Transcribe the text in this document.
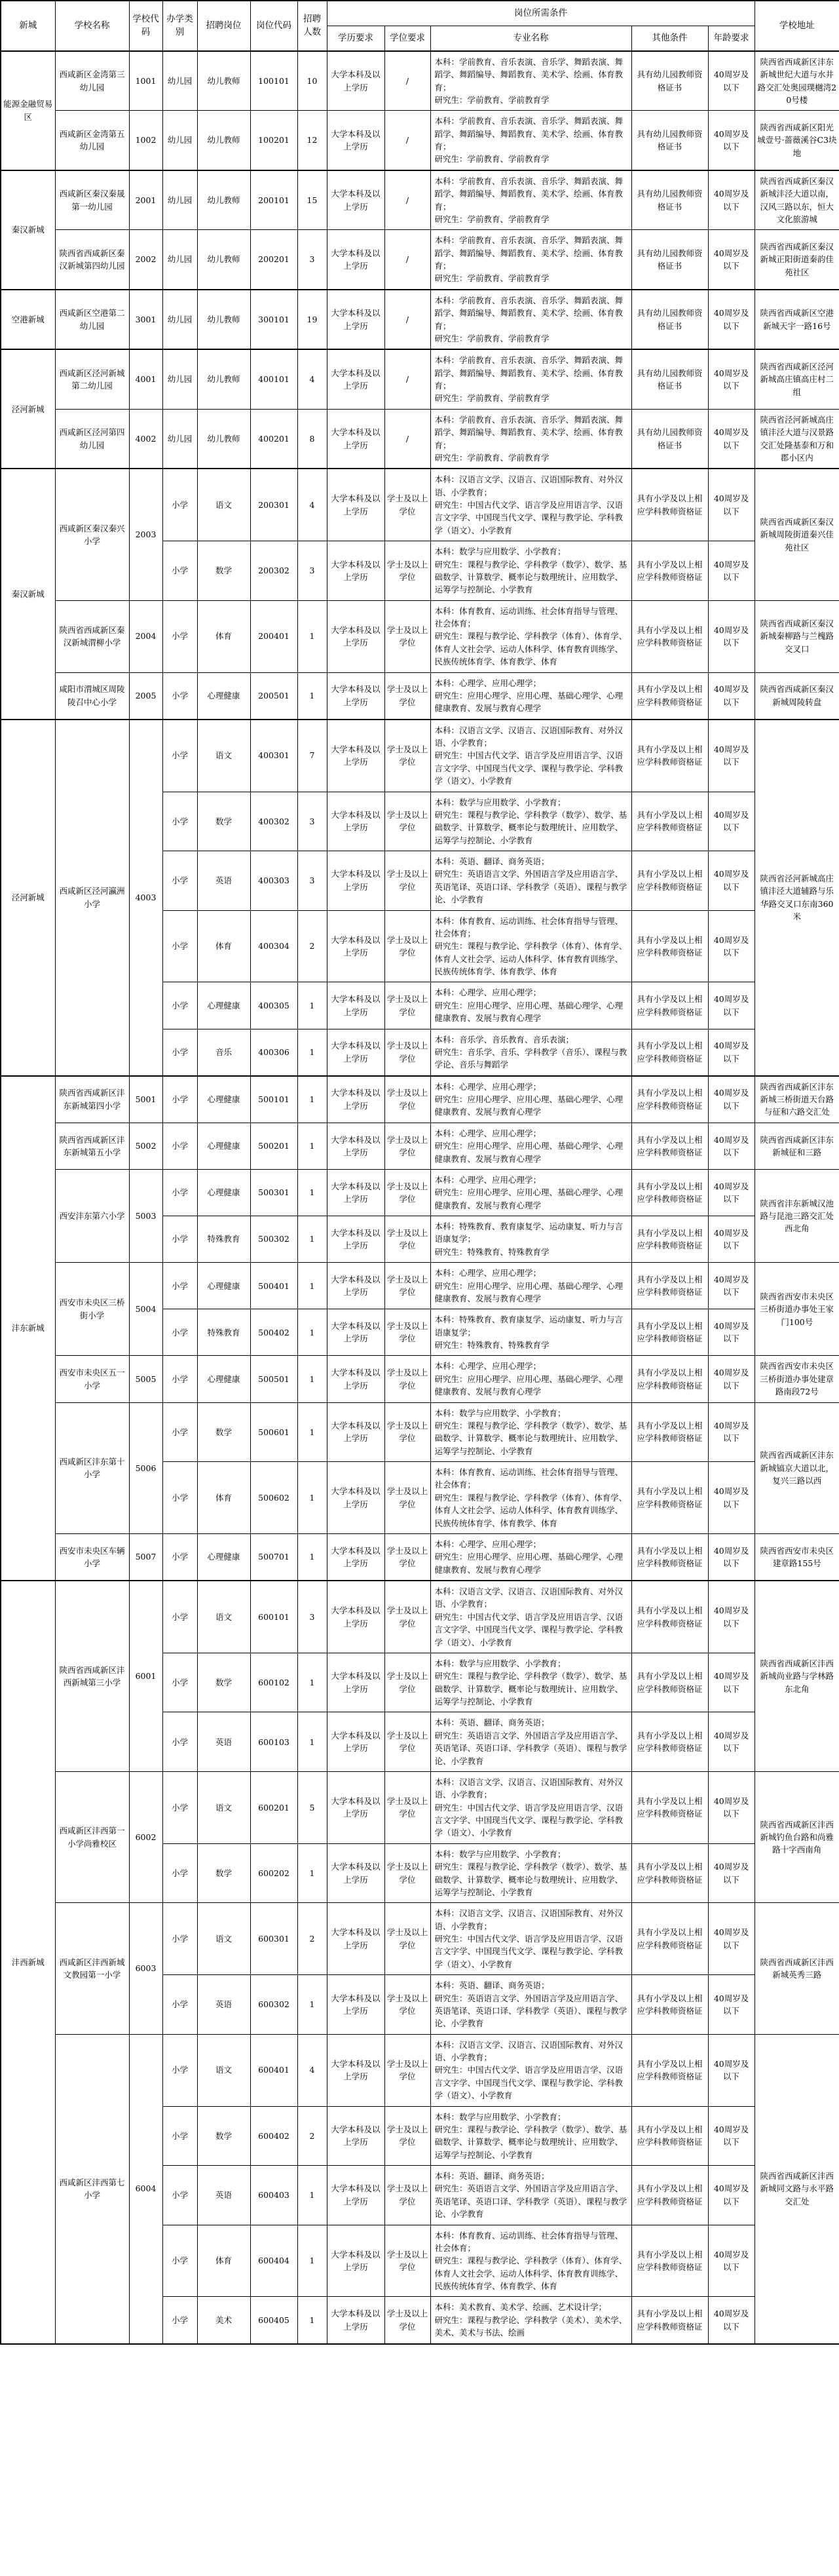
新城	学校名称	学校代码	办学类别	招聘岗位	岗位代码	招聘人数	岗位所需条件					学校地址
							学历要求	学位要求	专业名称	其他条件	年龄要求	
能源金融贸易区	西咸新区金湾第三幼儿园	1001	幼儿园	幼儿教师	100101	10	大学本科及以上学历	/	本科：学前教育、音乐表演、音乐学、舞蹈表演、舞蹈学、舞蹈编导、舞蹈教育、美术学、绘画、体育教育；
研究生：学前教育、学前教育学	具有幼儿园教师资格证书	40周岁及以下	陕西省西咸新区沣东新城世纪大道与水井路交汇处奥园璞樾湾20号楼
	西咸新区金湾第五幼儿园	1002	幼儿园	幼儿教师	100201	12	大学本科及以上学历	/	本科：学前教育、音乐表演、音乐学、舞蹈表演、舞蹈学、舞蹈编导、舞蹈教育、美术学、绘画、体育教育；
研究生：学前教育、学前教育学	具有幼儿园教师资格证书	40周岁及以下	陕西省西咸新区阳光城壹号·蔷薇溪谷C3块地
秦汉新城	西咸新区秦汉秦晟第一幼儿园	2001	幼儿园	幼儿教师	200101	15	大学本科及以上学历	/	本科：学前教育、音乐表演、音乐学、舞蹈表演、舞蹈学、舞蹈编导、舞蹈教育、美术学、绘画、体育教育；
研究生：学前教育、学前教育学	具有幼儿园教师资格证书	40周岁及以下	陕西省西咸新区秦汉新城沣泾大道以南，汉风三路以东，恒大文化旅游城
	陕西省西咸新区秦汉新城第四幼儿园	2002	幼儿园	幼儿教师	200201	3	大学本科及以上学历	/	本科：学前教育、音乐表演、音乐学、舞蹈表演、舞蹈学、舞蹈编导、舞蹈教育、美术学、绘画、体育教育；
研究生：学前教育、学前教育学	具有幼儿园教师资格证书	40周岁及以下	陕西省西咸新区秦汉新城正阳街道秦韵佳苑社区
空港新城	西咸新区空港第二幼儿园	3001	幼儿园	幼儿教师	300101	19	大学本科及以上学历	/	本科：学前教育、音乐表演、音乐学、舞蹈表演、舞蹈学、舞蹈编导、舞蹈教育、美术学、绘画、体育教育；
研究生：学前教育、学前教育学	具有幼儿园教师资格证书	40周岁及以下	陕西省西咸新区空港新城天宇一路16号
泾河新城	西咸新区泾河新城第二幼儿园	4001	幼儿园	幼儿教师	400101	4	大学本科及以上学历	/	本科：学前教育、音乐表演、音乐学、舞蹈表演、舞蹈学、舞蹈编导、舞蹈教育、美术学、绘画、体育教育；
研究生：学前教育、学前教育学	具有幼儿园教师资格证书	40周岁及以下	陕西省西咸新区泾河新城高庄镇高庄村二组
	西咸新区泾河第四幼儿园	4002	幼儿园	幼儿教师	400201	8	大学本科及以上学历	/	本科：学前教育、音乐表演、音乐学、舞蹈表演、舞蹈学、舞蹈编导、舞蹈教育、美术学、绘画、体育教育；
研究生：学前教育、学前教育学	具有幼儿园教师资格证书	40周岁及以下	陕西省泾河新城高庄镇沣泾大道与汉景路交汇处隆基泰和万和郡小区内
秦汉新城	西咸新区秦汉秦兴小学	2003	小学	语文	200301	4	大学本科及以上学历	学士及以上学位	本科：汉语言文学、汉语言、汉语国际教育、对外汉语、小学教育；
研究生：中国古代文学、语言学及应用语言学、汉语言文字学、中国现当代文学、课程与教学论、学科教学（语文）、小学教育	具有小学及以上相应学科教师资格证	40周岁及以下	陕西省西咸新区秦汉新城周陵街道秦兴佳苑社区
			小学	数学	200302	3	大学本科及以上学历	学士及以上学位	本科：数学与应用数学、小学教育；
研究生：课程与教学论、学科教学（数学）、数学、基础数学、计算数学、概率论与数理统计、应用数学、运筹学与控制论、小学教育	具有小学及以上相应学科教师资格证	40周岁及以下	
	陕西省西咸新区秦汉新城渭柳小学	2004	小学	体育	200401	1	大学本科及以上学历	学士及以上学位	本科：体育教育、运动训练、社会体育指导与管理、社会体育；
研究生：课程与教学论、学科教学（体育）、体育学、体育人文社会学、运动人体科学、体育教育训练学、民族传统体育学、体育教学、体育	具有小学及以上相应学科教师资格证	40周岁及以下	陕西省西咸新区秦汉新城秦柳路与兰槐路交叉口
	咸阳市渭城区周陵陵召中心小学	2005	小学	心理健康	200501	1	大学本科及以上学历	学士及以上学位	本科：心理学、应用心理学；
研究生：应用心理学、应用心理、基础心理学、心理健康教育、发展与教育心理学	具有小学及以上相应学科教师资格证	40周岁及以下	陕西省西咸新区秦汉新城周陵转盘
泾河新城	西咸新区泾河瀛洲小学	4003	小学	语文	400301	7	大学本科及以上学历	学士及以上学位	本科：汉语言文学、汉语言、汉语国际教育、对外汉语、小学教育；
研究生：中国古代文学、语言学及应用语言学、汉语言文字学、中国现当代文学、课程与教学论、学科教学（语文）、小学教育	具有小学及以上相应学科教师资格证	40周岁及以下	陕西省泾河新城高庄镇沣泾大道辅路与乐华路交叉口东南360米
			小学	数学	400302	3	大学本科及以上学历	学士及以上学位	本科：数学与应用数学、小学教育；
研究生：课程与教学论、学科教学（数学）、数学、基础数学、计算数学、概率论与数理统计、应用数学、运筹学与控制论、小学教育	具有小学及以上相应学科教师资格证	40周岁及以下	
			小学	英语	400303	3	大学本科及以上学历	学士及以上学位	本科：英语、翻译、商务英语；
研究生：英语语言文学、外国语言学及应用语言学、英语笔译、英语口译、学科教学（英语）、课程与教学论、小学教育	具有小学及以上相应学科教师资格证	40周岁及以下	
			小学	体育	400304	2	大学本科及以上学历	学士及以上学位	本科：体育教育、运动训练、社会体育指导与管理、社会体育；
研究生：课程与教学论、学科教学（体育）、体育学、体育人文社会学、运动人体科学、体育教育训练学、民族传统体育学、体育教学、体育	具有小学及以上相应学科教师资格证	40周岁及以下	
			小学	心理健康	400305	1	大学本科及以上学历	学士及以上学位	本科：心理学、应用心理学；
研究生：应用心理学、应用心理、基础心理学、心理健康教育、发展与教育心理学	具有小学及以上相应学科教师资格证	40周岁及以下	
			小学	音乐	400306	1	大学本科及以上学历	学士及以上学位	本科：音乐学、音乐教育、音乐表演；
研究生：音乐学、音乐、学科教学（音乐）、课程与教学论、音乐与舞蹈学	具有小学及以上相应学科教师资格证	40周岁及以下	
沣东新城	陕西省西咸新区沣东新城第四小学	5001	小学	心理健康	500101	1	大学本科及以上学历	学士及以上学位	本科：心理学、应用心理学；
研究生：应用心理学、应用心理、基础心理学、心理健康教育、发展与教育心理学	具有小学及以上相应学科教师资格证	40周岁及以下	陕西省西咸新区沣东新城三桥街道天台路与征和六路交汇处
	陕西省西咸新区沣东新城第五小学	5002	小学	心理健康	500201	1	大学本科及以上学历	学士及以上学位	本科：心理学、应用心理学；
研究生：应用心理学、应用心理、基础心理学、心理健康教育、发展与教育心理学	具有小学及以上相应学科教师资格证	40周岁及以下	陕西省西咸新区沣东新城征和三路
	西安沣东第六小学	5003	小学	心理健康	500301	1	大学本科及以上学历	学士及以上学位	本科：心理学、应用心理学；
研究生：应用心理学、应用心理、基础心理学、心理健康教育、发展与教育心理学	具有小学及以上相应学科教师资格证	40周岁及以下	陕西省沣东新城汉池路与昆池三路交汇处西北角
			小学	特殊教育	500302	1	大学本科及以上学历	学士及以上学位	本科：特殊教育、教育康复学、运动康复、听力与言语康复学；
研究生：特殊教育、特殊教育学	具有小学及以上相应学科教师资格证	40周岁及以下	
	西安市未央区三桥街小学	5004	小学	心理健康	500401	1	大学本科及以上学历	学士及以上学位	本科：心理学、应用心理学；
研究生：应用心理学、应用心理、基础心理学、心理健康教育、发展与教育心理学	具有小学及以上相应学科教师资格证	40周岁及以下	陕西省西安市未央区三桥街道办事处王家门100号
			小学	特殊教育	500402	1	大学本科及以上学历	学士及以上学位	本科：特殊教育、教育康复学、运动康复、听力与言语康复学；
研究生：特殊教育、特殊教育学	具有小学及以上相应学科教师资格证	40周岁及以下	
	西安市未央区五一小学	5005	小学	心理健康	500501	1	大学本科及以上学历	学士及以上学位	本科：心理学、应用心理学；
研究生：应用心理学、应用心理、基础心理学、心理健康教育、发展与教育心理学	具有小学及以上相应学科教师资格证	40周岁及以下	陕西省西安市未央区三桥街道办事处建章路南段72号
	西咸新区沣东第十小学	5006	小学	数学	500601	1	大学本科及以上学历	学士及以上学位	本科：数学与应用数学、小学教育；
研究生：课程与教学论、学科教学（数学）、数学、基础数学、计算数学、概率论与数理统计、应用数学、运筹学与控制论、小学教育	具有小学及以上相应学科教师资格证	40周岁及以下	陕西省西咸新区沣东新城镐京大道以北，复兴三路以西
			小学	体育	500602	1	大学本科及以上学历	学士及以上学位	本科：体育教育、运动训练、社会体育指导与管理、社会体育；
研究生：课程与教学论、学科教学（体育）、体育学、体育人文社会学、运动人体科学、体育教育训练学、民族传统体育学、体育教学、体育	具有小学及以上相应学科教师资格证	40周岁及以下	
	西安市未央区车辆小学	5007	小学	心理健康	500701	1	大学本科及以上学历	学士及以上学位	本科：心理学、应用心理学；
研究生：应用心理学、应用心理、基础心理学、心理健康教育、发展与教育心理学	具有小学及以上相应学科教师资格证	40周岁及以下	陕西省西安市未央区建章路155号
沣西新城	陕西省西咸新区沣西新城第三小学	6001	小学	语文	600101	3	大学本科及以上学历	学士及以上学位	本科：汉语言文学、汉语言、汉语国际教育、对外汉语、小学教育；
研究生：中国古代文学、语言学及应用语言学、汉语言文字学、中国现当代文学、课程与教学论、学科教学（语文）、小学教育	具有小学及以上相应学科教师资格证	40周岁及以下	陕西省西咸新区沣西新城尚业路与学林路东北角
			小学	数学	600102	1	大学本科及以上学历	学士及以上学位	本科：数学与应用数学、小学教育；
研究生：课程与教学论、学科教学（数学）、数学、基础数学、计算数学、概率论与数理统计、应用数学、运筹学与控制论、小学教育	具有小学及以上相应学科教师资格证	40周岁及以下	
			小学	英语	600103	1	大学本科及以上学历	学士及以上学位	本科：英语、翻译、商务英语；
研究生：英语语言文学、外国语言学及应用语言学、英语笔译、英语口译、学科教学（英语）、课程与教学论、小学教育	具有小学及以上相应学科教师资格证	40周岁及以下	
	西咸新区沣西第一小学尚雅校区	6002	小学	语文	600201	5	大学本科及以上学历	学士及以上学位	本科：汉语言文学、汉语言、汉语国际教育、对外汉语、小学教育；
研究生：中国古代文学、语言学及应用语言学、汉语言文字学、中国现当代文学、课程与教学论、学科教学（语文）、小学教育	具有小学及以上相应学科教师资格证	40周岁及以下	陕西省西咸新区沣西新城钓鱼台路和尚雅路十字西南角
			小学	数学	600202	1	大学本科及以上学历	学士及以上学位	本科：数学与应用数学、小学教育；
研究生：课程与教学论、学科教学（数学）、数学、基础数学、计算数学、概率论与数理统计、应用数学、运筹学与控制论、小学教育	具有小学及以上相应学科教师资格证	40周岁及以下	
	西咸新区沣西新城文教园第一小学	6003	小学	语文	600301	2	大学本科及以上学历	学士及以上学位	本科：汉语言文学、汉语言、汉语国际教育、对外汉语、小学教育；
研究生：中国古代文学、语言学及应用语言学、汉语言文字学、中国现当代文学、课程与教学论、学科教学（语文）、小学教育	具有小学及以上相应学科教师资格证	40周岁及以下	陕西省西咸新区沣西新城英秀三路
			小学	英语	600302	1	大学本科及以上学历	学士及以上学位	本科：英语、翻译、商务英语；
研究生：英语语言文学、外国语言学及应用语言学、英语笔译、英语口译、学科教学（英语）、课程与教学论、小学教育	具有小学及以上相应学科教师资格证	40周岁及以下	
	西咸新区沣西第七小学	6004	小学	语文	600401	4	大学本科及以上学历	学士及以上学位	本科：汉语言文学、汉语言、汉语国际教育、对外汉语、小学教育；
研究生：中国古代文学、语言学及应用语言学、汉语言文字学、中国现当代文学、课程与教学论、学科教学（语文）、小学教育	具有小学及以上相应学科教师资格证	40周岁及以下	陕西省西咸新区沣西新城同文路与永平路交汇处
			小学	数学	600402	2	大学本科及以上学历	学士及以上学位	本科：数学与应用数学、小学教育；
研究生：课程与教学论、学科教学（数学）、数学、基础数学、计算数学、概率论与数理统计、应用数学、运筹学与控制论、小学教育	具有小学及以上相应学科教师资格证	40周岁及以下	
			小学	英语	600403	1	大学本科及以上学历	学士及以上学位	本科：英语、翻译、商务英语；
研究生：英语语言文学、外国语言学及应用语言学、英语笔译、英语口译、学科教学（英语）、课程与教学论、小学教育	具有小学及以上相应学科教师资格证	40周岁及以下	
			小学	体育	600404	1	大学本科及以上学历	学士及以上学位	本科：体育教育、运动训练、社会体育指导与管理、社会体育；
研究生：课程与教学论、学科教学（体育）、体育学、体育人文社会学、运动人体科学、体育教育训练学、民族传统体育学、体育教学、体育	具有小学及以上相应学科教师资格证	40周岁及以下	
			小学	美术	600405	1	大学本科及以上学历	学士及以上学位	本科：美术教育、美术学、绘画、艺术设计学；
研究生：课程与教学论、学科教学（美术）、美术学、美术、美术与书法、绘画	具有小学及以上相应学科教师资格证	40周岁及以下	
